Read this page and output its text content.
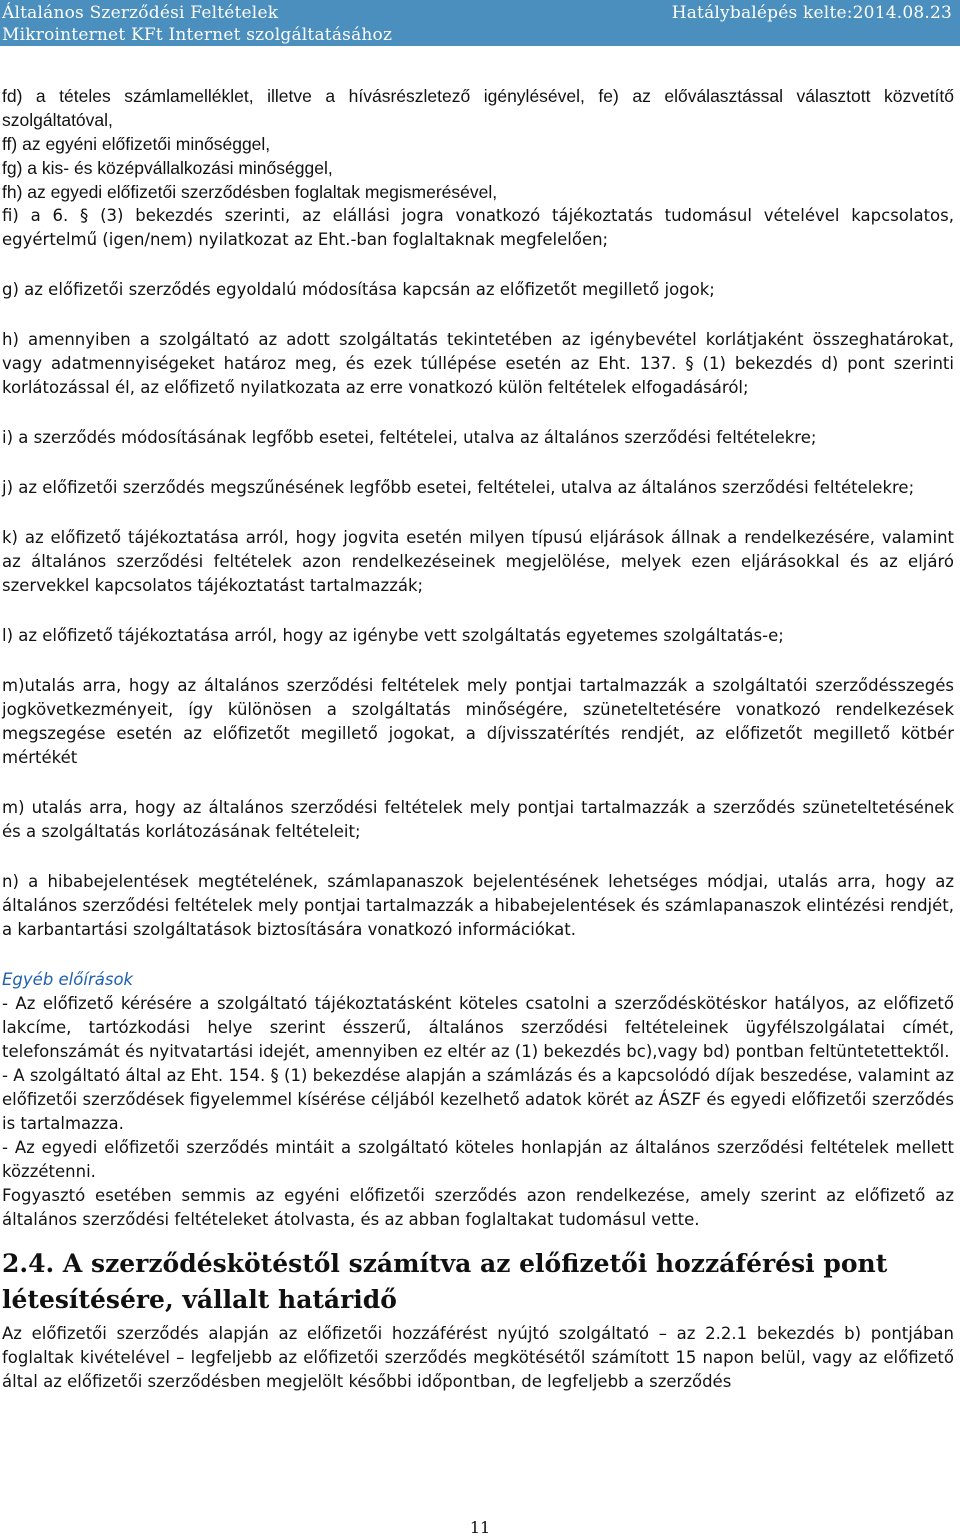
Általános Szerződési Feltételek
Mikrointernet KFt Internet szolgáltatásához
Hatálybalépés kelte:2014.08.23

fd) a tételes számlamelléklet, illetve a hívásrészletező igénylésével, fe) az előválasztással választott közvetítő szolgáltatóval,

ff) az egyéni előfizetői minőséggel,

fg) a kis- és középvállalkozási minőséggel,

fh) az egyedi előfizetői szerződésben foglaltak megismerésével,

fi) a 6. § (3) bekezdés szerinti, az elállási jogra vonatkozó tájékoztatás tudomásul vételével kapcsolatos, egyértelmű (igen/nem) nyilatkozat az Eht.-ban foglaltaknak megfelelően;

g) az előfizetői szerződés egyoldalú módosítása kapcsán az előfizetőt megillető jogok;

h) amennyiben a szolgáltató az adott szolgáltatás tekintetében az igénybevétel korlátjaként összeghatárokat, vagy adatmennyiségeket határoz meg, és ezek túllépése esetén az Eht. 137. § (1) bekezdés d) pont szerinti korlátozással él, az előfizető nyilatkozata az erre vonatkozó külön feltételek elfogadásáról;

i) a szerződés módosításának legfőbb esetei, feltételei, utalva az általános szerződési feltételekre;

j) az előfizetői szerződés megszűnésének legfőbb esetei, feltételei, utalva az általános szerződési feltételekre;

k) az előfizető tájékoztatása arról, hogy jogvita esetén milyen típusú eljárások állnak a rendelkezésére, valamint az általános szerződési feltételek azon rendelkezéseinek megjelölése, melyek ezen eljárásokkal és az eljáró szervekkel kapcsolatos tájékoztatást tartalmazzák;

l) az előfizető tájékoztatása arról, hogy az igénybe vett szolgáltatás egyetemes szolgáltatás-e;

m)utalás arra, hogy az általános szerződési feltételek mely pontjai tartalmazzák a szolgáltatói szerződésszegés jogkövetkezményeit, így különösen a szolgáltatás minőségére, szüneteltetésére vonatkozó rendelkezések megszegése esetén az előfizetőt megillető jogokat, a díjvisszatérítés rendjét, az előfizetőt megillető kötbér mértékét

m) utalás arra, hogy az általános szerződési feltételek mely pontjai tartalmazzák a szerződés szüneteltetésének és a szolgáltatás korlátozásának feltételeit;

n) a hibabejelentések megtételének, számlapanaszok bejelentésének lehetséges módjai, utalás arra, hogy az általános szerződési feltételek mely pontjai tartalmazzák a hibabejelentések és számlapanaszok elintézési rendjét, a karbantartási szolgáltatások biztosítására vonatkozó információkat.

Egyéb előírások

- Az előfizető kérésére a szolgáltató tájékoztatásként köteles csatolni a szerződéskötéskor hatályos, az előfizető lakcíme, tartózkodási helye szerint ésszerű, általános szerződési feltételeinek ügyfélszolgálatai címét, telefonszámát és nyitvatartási idejét, amennyiben ez eltér az (1) bekezdés bc),vagy bd) pontban feltüntetettektől.

- A szolgáltató által az Eht. 154. § (1) bekezdése alapján a számlázás és a kapcsolódó díjak beszedése, valamint az előfizetői szerződések figyelemmel kísérése céljából kezelhető adatok körét az ÁSZF és egyedi előfizetői szerződés is tartalmazza.

- Az egyedi előfizetői szerződés mintáit a szolgáltató köteles honlapján az általános szerződési feltételek mellett közzétenni.

Fogyasztó esetében semmis az egyéni előfizetői szerződés azon rendelkezése, amely szerint az előfizető az általános szerződési feltételeket átolvasta, és az abban foglaltakat tudomásul vette.

2.4. A szerződéskötéstől számítva az előfizetői hozzáférési pont létesítésére, vállalt határidő

Az előfizetői szerződés alapján az előfizetői hozzáférést nyújtó szolgáltató – az 2.2.1 bekezdés b) pontjában foglaltak kivételével – legfeljebb az előfizetői szerződés megkötésétől számított 15 napon belül, vagy az előfizető által az előfizetői szerződésben megjelölt későbbi időpontban, de legfeljebb a szerződés

11
